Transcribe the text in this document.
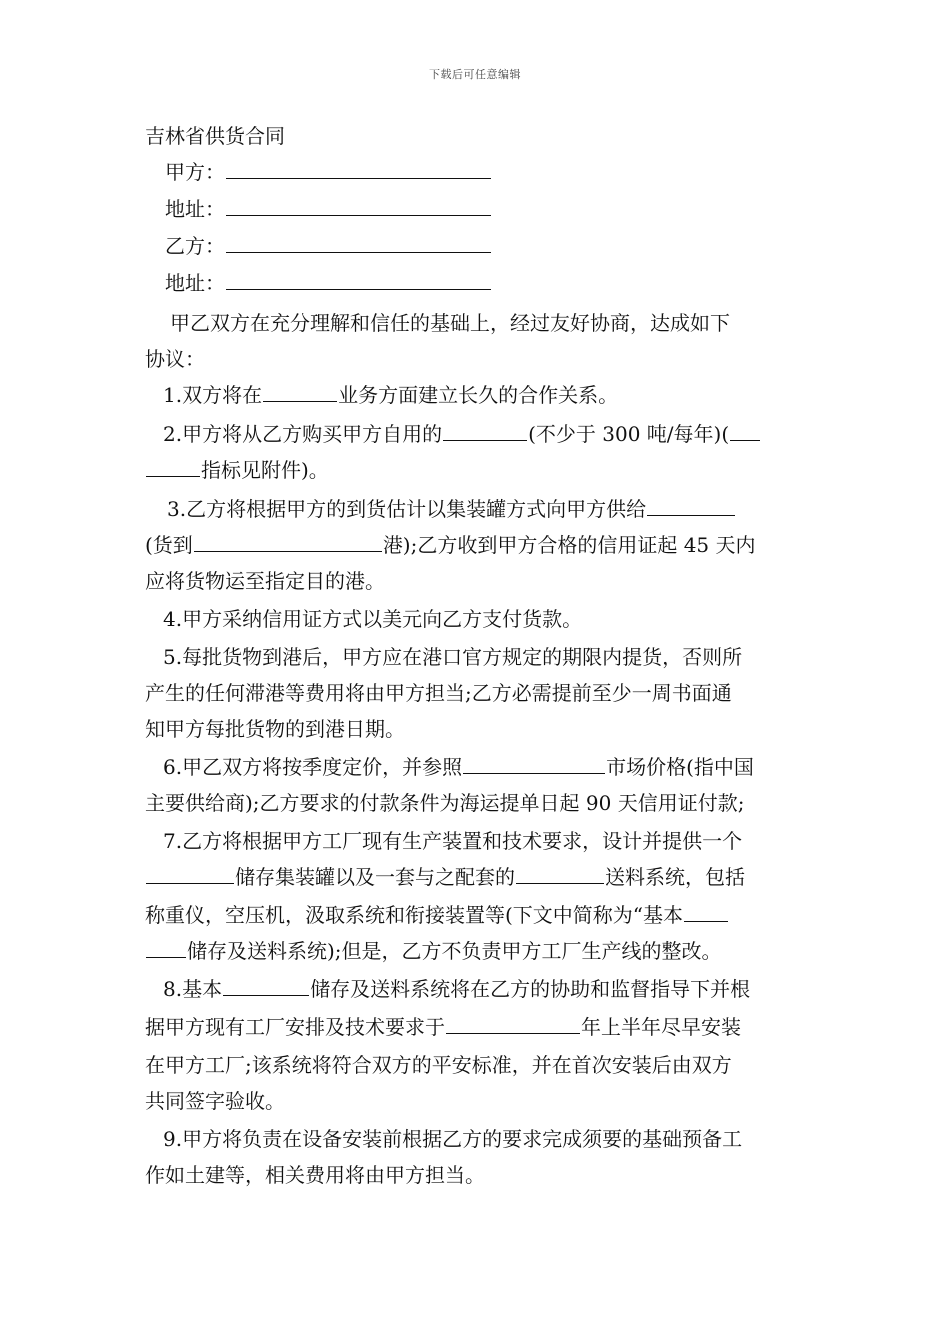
下载后可任意编辑
吉林省供货合同
甲方：
地址：
乙方：
地址：
甲乙双方在充分理解和信任的基础上，经过友好协商，达成如下
协议：
1.双方将在	业务方面建立长久的合作关系。
2.甲方将从乙方购买甲方自用的	(不少于 300 吨/每年)(
指标见附件)。
3.乙方将根据甲方的到货估计以集装罐方式向甲方供给
(货到	港);乙方收到甲方合格的信用证起 45 天内
应将货物运至指定目的港。
4.甲方采纳信用证方式以美元向乙方支付货款。
5.每批货物到港后，甲方应在港口官方规定的期限内提货，否则所
产生的任何滞港等费用将由甲方担当;乙方必需提前至少一周书面通
知甲方每批货物的到港日期。
6.甲乙双方将按季度定价，并参照	市场价格(指中国
主要供给商);乙方要求的付款条件为海运提单日起 90 天信用证付款;
7.乙方将根据甲方工厂现有生产装置和技术要求，设计并提供一个
储存集装罐以及一套与之配套的	送料系统，包括
称重仪，空压机，汲取系统和衔接装置等(下文中简称为“基本
储存及送料系统);但是，乙方不负责甲方工厂生产线的整改。
8.基本	储存及送料系统将在乙方的协助和监督指导下并根
据甲方现有工厂安排及技术要求于	年上半年尽早安装
在甲方工厂;该系统将符合双方的平安标准，并在首次安装后由双方
共同签字验收。
9.甲方将负责在设备安装前根据乙方的要求完成须要的基础预备工
作如土建等，相关费用将由甲方担当。
